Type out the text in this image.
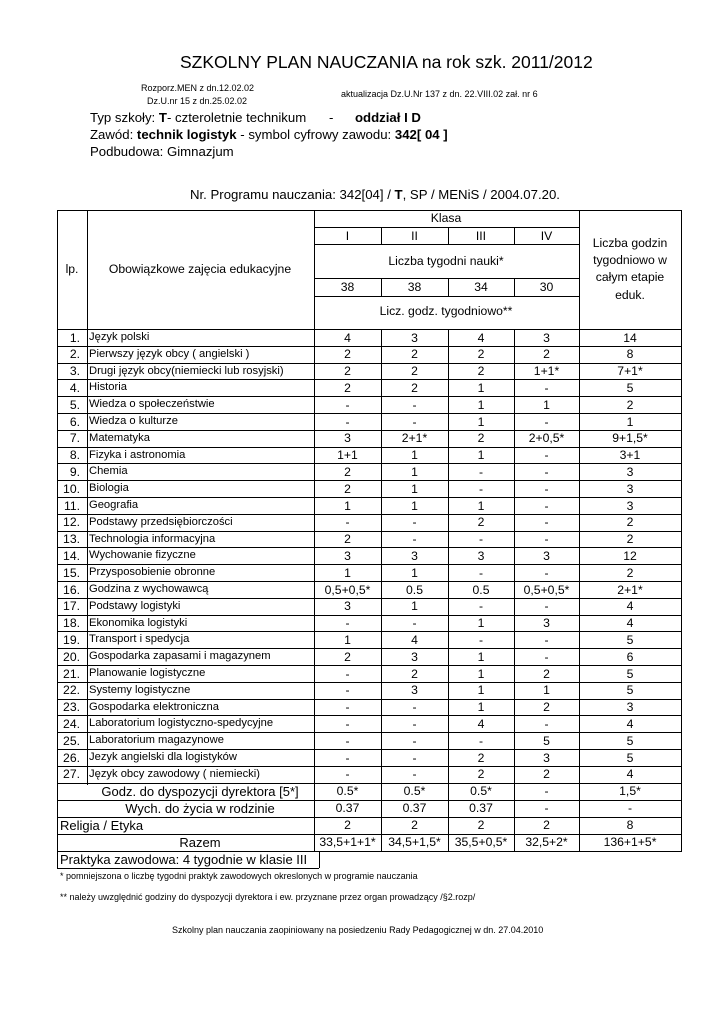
SZKOLNY PLAN NAUCZANIA na rok szk. 2011/2012
Rozporz.MEN z dn.12.02.02
Dz.U.nr 15 z dn.25.02.02
aktualizacja Dz.U.Nr 137 z dn. 22.VIII.02 zał. nr 6
Typ szkoły: T- czteroletnie technikum - oddział I D
Zawód: technik logistyk - symbol cyfrowy zawodu: 342[ 04 ]
Podbudowa: Gimnazjum
Nr. Programu nauczania: 342[04] / T, SP / MENiS / 2004.07.20.
lp. Obowiązkowe zajęcia edukacyjne
Klasa
I	II	III	IV
Liczba tygodni nauki*
38	38	34	30
Licz. godz. tygodniowo**
Liczba godzin
tygodniowo w
całym etapie
eduk.
1. Język polski	4	3	4	3	14
2. Pierwszy język obcy ( angielski )	2	2	2	2	8
3. Drugi język obcy(niemiecki lub rosyjski)	2	2	2	1+1*	7+1*
4. Historia	2	2	1	-	5
5. Wiedza o społeczeństwie	-	-	1	1	2
6. Wiedza o kulturze	-	-	1	-	1
7. Matematyka	3	2+1*	2	2+0,5*	9+1,5*
8. Fizyka i astronomia	1+1	1	1	-	3+1
9. Chemia	2	1	-	-	3
10. Biologia	2	1	-	-	3
11. Geografia	1	1	1	-	3
12. Podstawy przedsiębiorczości	-	-	2	-	2
13. Technologia informacyjna	2	-	-	-	2
14. Wychowanie fizyczne	3	3	3	3	12
15. Przysposobienie obronne	1	1	-	-	2
16. Godzina z wychowawcą	0,5+0,5*	0.5	0.5	0,5+0,5*	2+1*
17. Podstawy logistyki	3	1	-	-	4
18. Ekonomika logistyki	-	-	1	3	4
19. Transport i spedycja	1	4	-	-	5
20. Gospodarka zapasami i magazynem	2	3	1	-	6
21. Planowanie logistyczne	-	2	1	2	5
22. Systemy logistyczne	-	3	1	1	5
23. Gospodarka elektroniczna	-	-	1	2	3
24. Laboratorium logistyczno-spedycyjne	-	-	4	-	4
25. Laboratorium magazynowe	-	-	-	5	5
26. Jezyk angielski dla logistyków	-	-	2	3	5
27. Język obcy zawodowy ( niemiecki)	-	-	2	2	4
Godz. do dyspozycji dyrektora [5*]	0.5*	0.5*	0.5*	-	1,5*
Wych. do życia w rodzinie	0.37	0.37	0.37	-	-
Religia / Etyka	2	2	2	2	8
Razem	33,5+1+1* 34,5+1,5* 35,5+0,5* 32,5+2*	136+1+5*
Praktyka zawodowa: 4 tygodnie w klasie III
* pomniejszona o liczbę tygodni praktyk zawodowych okreslonych w programie nauczania
** należy uwzględnić godziny do dyspozycji dyrektora i ew. przyznane przez organ prowadzący /§2.rozp/
Szkolny plan nauczania zaopiniowany na posiedzeniu Rady Pedagogicznej w dn. 27.04.2010
